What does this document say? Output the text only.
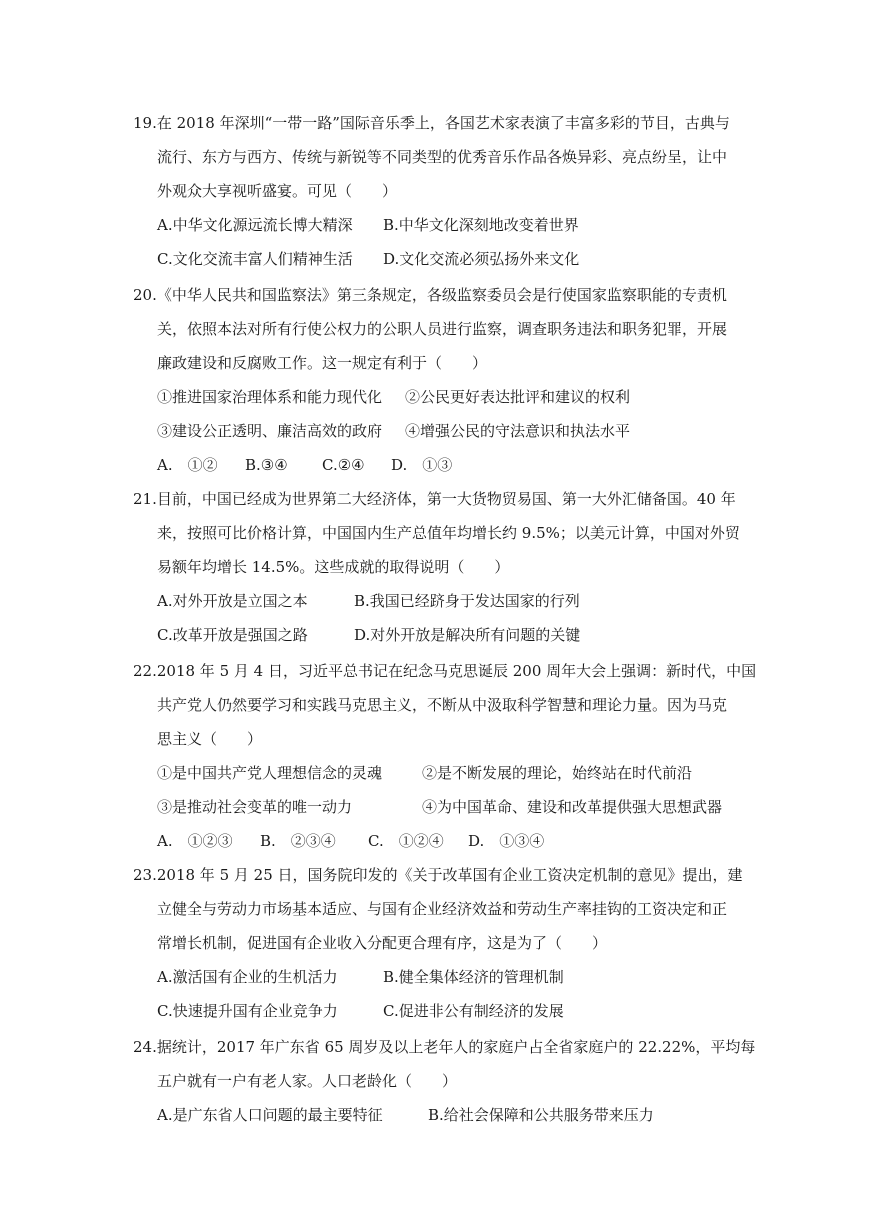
19.在 2018 年深圳“一带一路”国际音乐季上，各国艺术家表演了丰富多彩的节目，古典与
流行、东方与西方、传统与新锐等不同类型的优秀音乐作品各焕异彩、亮点纷呈，让中
外观众大享视听盛宴。可见（　　）
A.中华文化源远流长博大精深 B.中华文化深刻地改变着世界
C.文化交流丰富人们精神生活 D.文化交流必须弘扬外来文化
20.《中华人民共和国监察法》第三条规定，各级监察委员会是行使国家监察职能的专责机
关，依照本法对所有行使公权力的公职人员进行监察，调查职务违法和职务犯罪，开展
廉政建设和反腐败工作。这一规定有利于（　　）
①推进国家治理体系和能力现代化 ②公民更好表达批评和建议的权利
③建设公正透明、廉洁高效的政府 ④增强公民的守法意识和执法水平
A.　①② B.③④ C.②④ D.　①③
21.目前，中国已经成为世界第二大经济体，第一大货物贸易国、第一大外汇储备国。40 年
来，按照可比价格计算，中国国内生产总值年均增长约 9.5%；以美元计算，中国对外贸
易额年均增长 14.5%。这些成就的取得说明（　　）
A.对外开放是立国之本	B.我国已经跻身于发达国家的行列
C.改革开放是强国之路	D.对外开放是解决所有问题的关键
22.2018 年 5 月 4 日，习近平总书记在纪念马克思诞辰 200 周年大会上强调：新时代，中国
共产党人仍然要学习和实践马克思主义，不断从中汲取科学智慧和理论力量。因为马克
思主义（　　）
①是中国共产党人理想信念的灵魂	②是不断发展的理论，始终站在时代前沿
③是推动社会变革的唯一动力	④为中国革命、建设和改革提供强大思想武器
A.　①②③ B.　②③④ C.　①②④ D.　①③④
23.2018 年 5 月 25 日，国务院印发的《关于改革国有企业工资决定机制的意见》提出，建
立健全与劳动力市场基本适应、与国有企业经济效益和劳动生产率挂钩的工资决定和正
常增长机制，促进国有企业收入分配更合理有序，这是为了（　　）
A.激活国有企业的生机活力	B.健全集体经济的管理机制
C.快速提升国有企业竞争力	C.促进非公有制经济的发展
24.据统计，2017 年广东省 65 周岁及以上老年人的家庭户占全省家庭户的 22.22%，平均每
五户就有一户有老人家。人口老龄化（　　）
A.是广东省人口问题的最主要特征	B.给社会保障和公共服务带来压力
